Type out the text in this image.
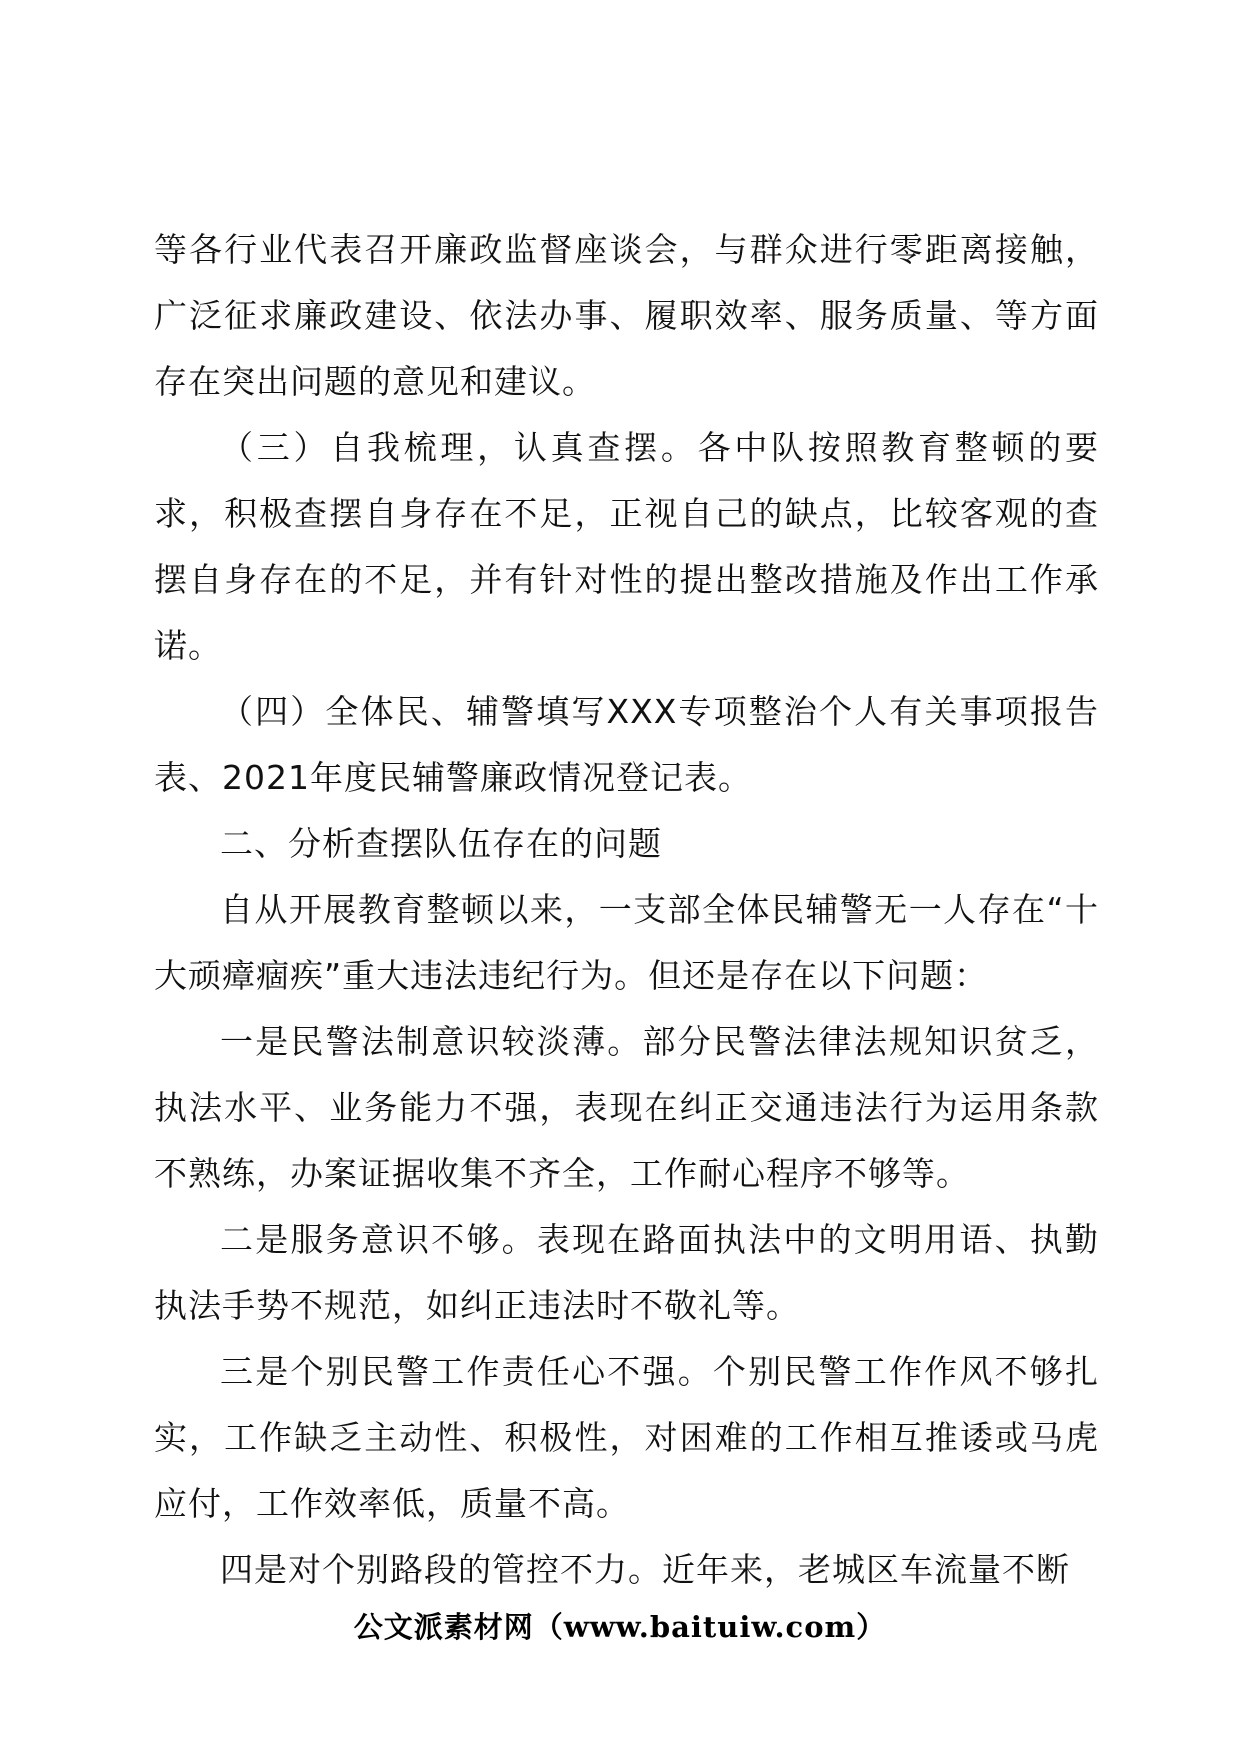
等各行业代表召开廉政监督座谈会，与群众进行零距离接触，广泛征求廉政建设、依法办事、履职效率、服务质量、等方面存在突出问题的意见和建议。

（三）自我梳理，认真查摆。各中队按照教育整顿的要求，积极查摆自身存在不足，正视自己的缺点，比较客观的查摆自身存在的不足，并有针对性的提出整改措施及作出工作承诺。

（四）全体民、辅警填写XXX专项整治个人有关事项报告表、2021年度民辅警廉政情况登记表。

二、分析查摆队伍存在的问题

自从开展教育整顿以来，一支部全体民辅警无一人存在“十大顽瘴痼疾”重大违法违纪行为。但还是存在以下问题：

一是民警法制意识较淡薄。部分民警法律法规知识贫乏，执法水平、业务能力不强，表现在纠正交通违法行为运用条款不熟练，办案证据收集不齐全，工作耐心程序不够等。

二是服务意识不够。表现在路面执法中的文明用语、执勤执法手势不规范，如纠正违法时不敬礼等。

三是个别民警工作责任心不强。个别民警工作作风不够扎实，工作缺乏主动性、积极性，对困难的工作相互推诿或马虎应付，工作效率低，质量不高。

四是对个别路段的管控不力。近年来，老城区车流量不断

公文派素材网（www.baituiw.com）
